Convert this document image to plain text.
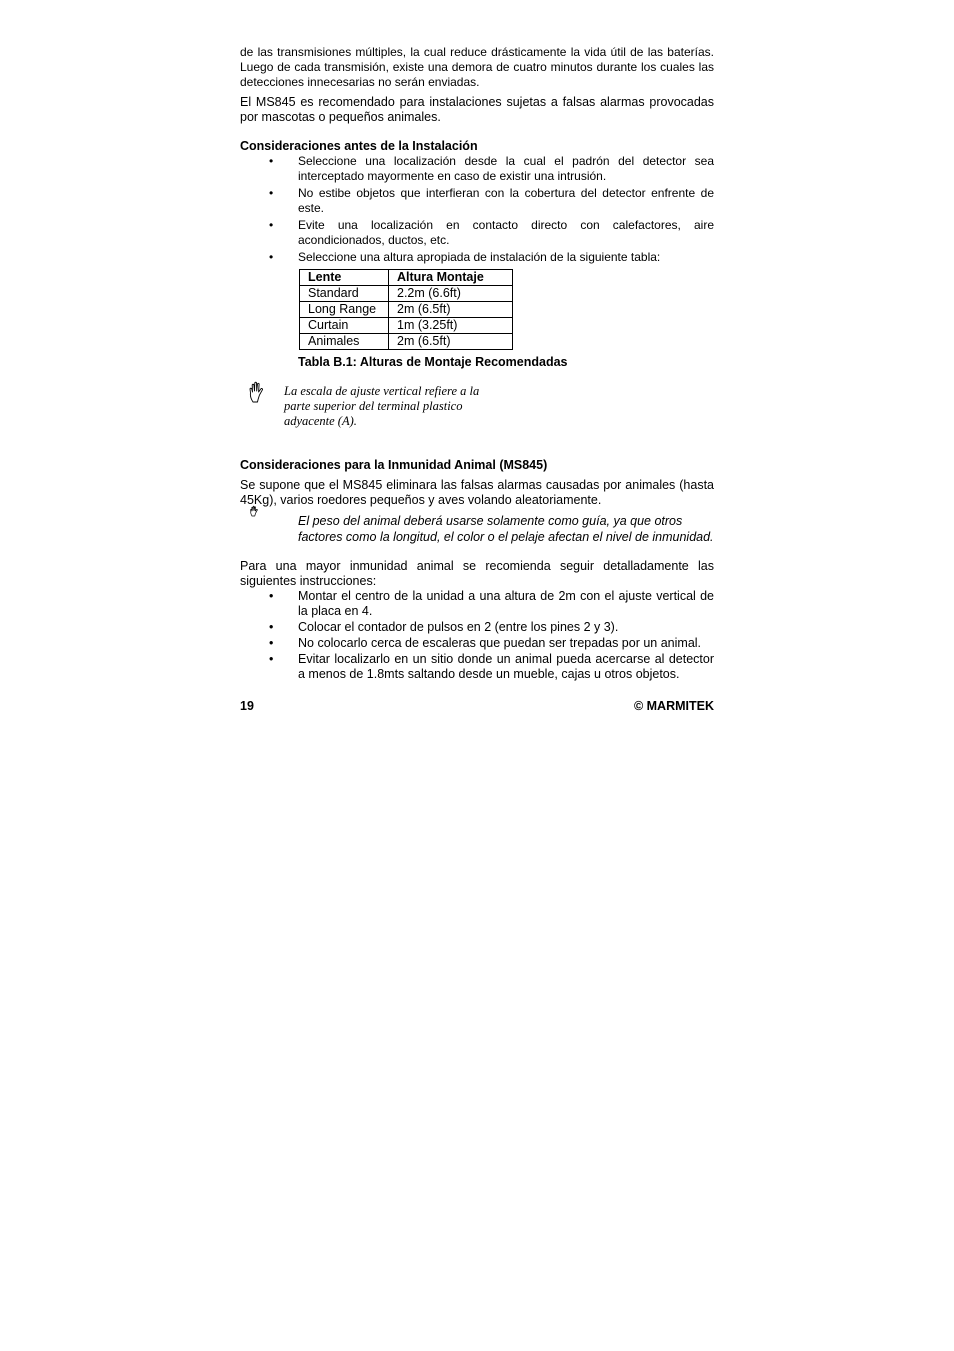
de las transmisiones múltiples, la cual reduce drásticamente la vida útil de las baterías. Luego de cada transmisión, existe una demora de cuatro minutos durante los cuales las detecciones innecesarias no serán enviadas.

El MS845 es recomendado para instalaciones sujetas a falsas alarmas provocadas por mascotas o pequeños animales.

Consideraciones antes de la Instalación
• Seleccione una localización desde la cual el padrón del detector sea interceptado mayormente en caso de existir una intrusión.
• No estibe objetos que interfieran con la cobertura del detector enfrente de este.
• Evite una localización en contacto directo con calefactores, aire acondicionados, ductos, etc.
• Seleccione una altura apropiada de instalación de la siguiente tabla:
Lente	Altura Montaje
Standard	2.2m (6.6ft)
Long Range	2m (6.5ft)
Curtain	1m (3.25ft)
Animales	2m (6.5ft)

Tabla B.1: Alturas de Montaje Recomendadas

La escala de ajuste vertical refiere a la parte superior del terminal plastico adyacente (A).
Consideraciones para la Inmunidad Animal (MS845)

Se supone que el MS845 eliminara las falsas alarmas causadas por animales (hasta 45Kg), varios roedores pequeños y aves volando aleatoriamente.

El peso del animal deberá usarse solamente como guía, ya que otros factores como la longitud, el color o el pelaje afectan el nivel de inmunidad.

Para una mayor inmunidad animal se recomienda seguir detalladamente las siguientes instrucciones:

• Montar el centro de la unidad a una altura de 2m con el ajuste vertical de la placa en 4.
• Colocar el contador de pulsos en 2 (entre los pines 2 y 3).
• No colocarlo cerca de escaleras que puedan ser trepadas por un animal.
• Evitar localizarlo en un sitio donde un animal pueda acercarse al detector a menos de 1.8mts saltando desde un mueble, cajas u otros objetos.
19	© MARMITEK
